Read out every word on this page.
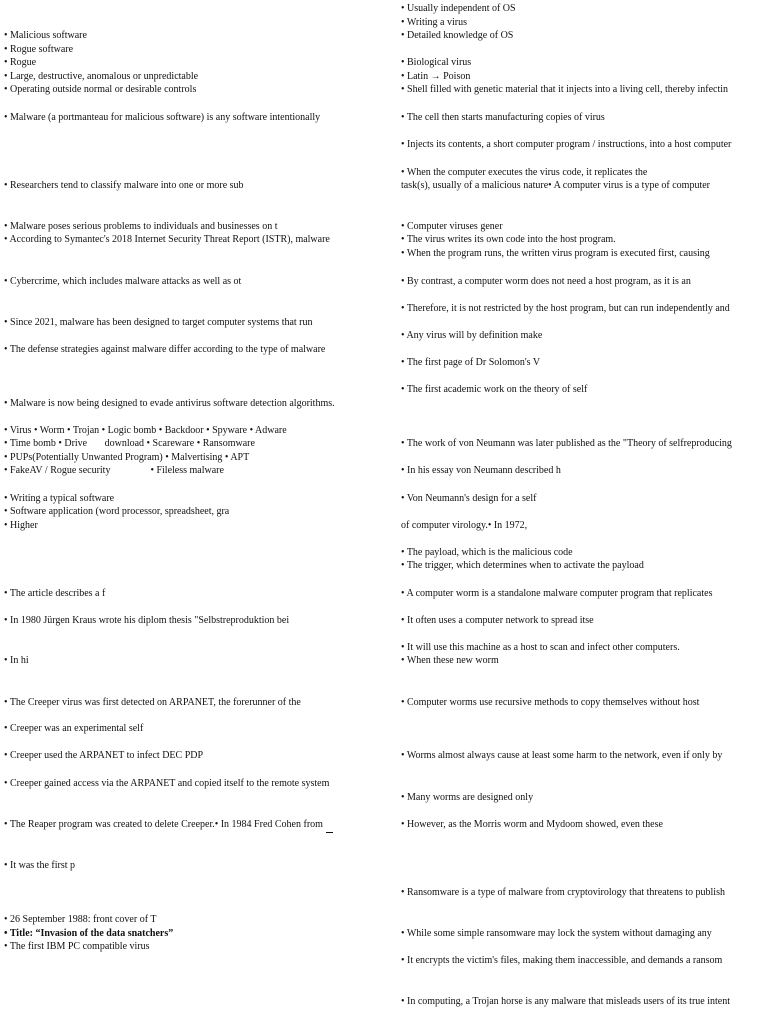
• Malicious software
• Rogue software
• Rogue
• Large, destructive, anomalous or unpredictable
• Operating outside normal or desirable controls
• Malware (a portmanteau for malicious software) is any software intentionally
• Researchers tend to classify malware into one or more sub
• Malware poses serious problems to individuals and businesses on t
• According to Symantec's 2018 Internet Security Threat Report (ISTR), malware
• Cybercrime, which includes malware attacks as well as ot
• Since 2021, malware has been designed to target computer systems that run
• The defense strategies against malware differ according to the type of malware
• Malware is now being designed to evade antivirus software detection algorithms.
• Virus • Worm • Trojan • Logic bomb • Backdoor • Spyware • Adware
• Time bomb • Drive       download • Scareware • Ransomware
• PUPs(Potentially Unwanted Program) • Malvertising • APT
• FakeAV / Rogue security                • Fileless malware
• Writing a typical software
• Software application (word processor, spreadsheet, gra
• Higher
• The article describes a f
• In 1980 Jürgen Kraus wrote his diplom thesis "Selbstreproduktion bei
• In hi
• The Creeper virus was first detected on ARPANET, the forerunner of the
• Creeper was an experimental self
• Creeper used the ARPANET to infect DEC PDP
• Creeper gained access via the ARPANET and copied itself to the remote system
• The Reaper program was created to delete Creeper.• In 1984 Fred Cohen from
• It was the first p
• 26 September 1988: front cover of T
• Title: “Invasion of the data snatchers”
• The first IBM PC compatible virus
• Usually independent of OS
• Writing a virus
• Detailed knowledge of OS
• Biological virus
• Latin → Poison
• Shell filled with genetic material that it injects into a living cell, thereby infectin
• The cell then starts manufacturing copies of virus
• Injects its contents, a short computer program / instructions, into a host computer
• When the computer executes the virus code, it replicates the
task(s), usually of a malicious nature• A computer virus is a type of computer
• Computer viruses gener
• The virus writes its own code into the host program.
• When the program runs, the written virus program is executed first, causing
• By contrast, a computer worm does not need a host program, as it is an
• Therefore, it is not restricted by the host program, but can run independently and
• Any virus will by definition make
• The first page of Dr Solomon's V
• The first academic work on the theory of self
• The work of von Neumann was later published as the "Theory of selfreproducing
• In his essay von Neumann described h
• Von Neumann's design for a self
of computer virology.• In 1972,
• The payload, which is the malicious code
• The trigger, which determines when to activate the payload
• A computer worm is a standalone malware computer program that replicates
• It often uses a computer network to spread itse
• It will use this machine as a host to scan and infect other computers.
• When these new worm
• Computer worms use recursive methods to copy themselves without host
• Worms almost always cause at least some harm to the network, even if only by
• Many worms are designed only
• However, as the Morris worm and Mydoom showed, even these
• Ransomware is a type of malware from cryptovirology that threatens to publish
• While some simple ransomware may lock the system without damaging any
• It encrypts the victim's files, making them inaccessible, and demands a ransom
• In computing, a Trojan horse is any malware that misleads users of its true intent
